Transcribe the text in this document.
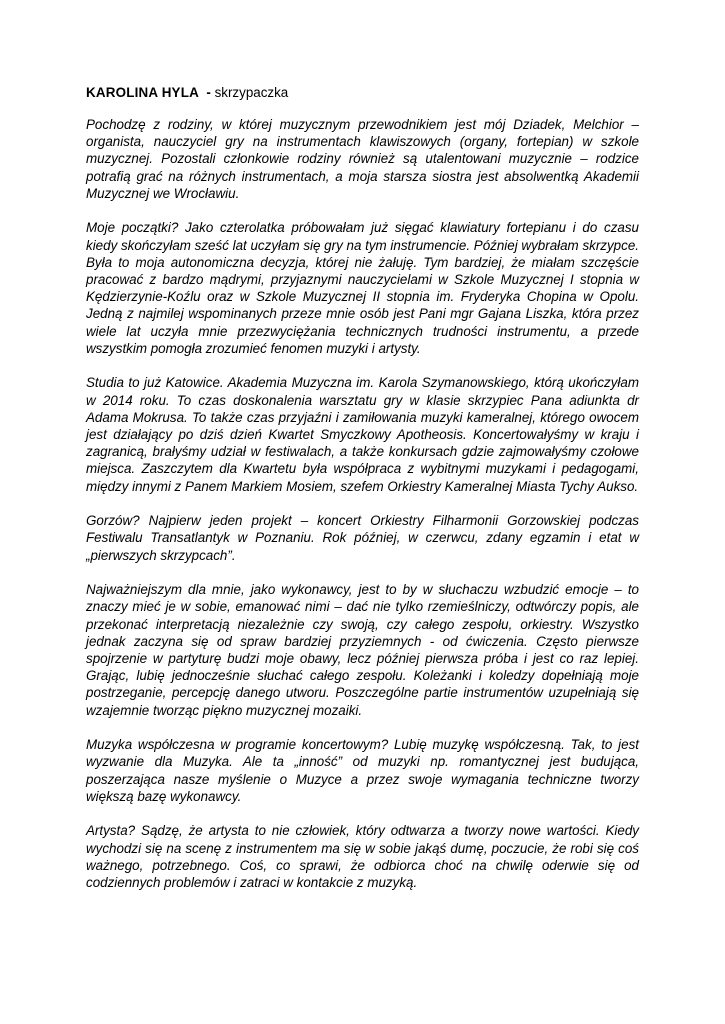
KAROLINA HYLA  - skrzypaczka

Pochodzę z rodziny, w której muzycznym przewodnikiem jest mój Dziadek, Melchior – organista, nauczyciel gry na instrumentach klawiszowych (organy, fortepian) w szkole muzycznej. Pozostali członkowie rodziny również są utalentowani muzycznie – rodzice potrafią grać na różnych instrumentach, a moja starsza siostra jest absolwentką Akademii Muzycznej we Wrocławiu.

Moje początki? Jako czterolatka próbowałam już sięgać klawiatury fortepianu i do czasu kiedy skończyłam sześć lat uczyłam się gry na tym instrumencie. Później wybrałam skrzypce. Była to moja autonomiczna decyzja, której nie żałuję. Tym bardziej, że miałam szczęście pracować z bardzo mądrymi, przyjaznymi nauczycielami w Szkole Muzycznej I stopnia w Kędzierzynie-Koźlu oraz w Szkole Muzycznej II stopnia im. Fryderyka Chopina w Opolu. Jedną z najmilej wspominanych przeze mnie osób jest Pani mgr Gajana Liszka, która przez wiele lat uczyła mnie przezwyciężania technicznych trudności instrumentu, a przede wszystkim pomogła zrozumieć fenomen muzyki i artysty.

Studia to już Katowice. Akademia Muzyczna im. Karola Szymanowskiego, którą ukończyłam w 2014 roku. To czas doskonalenia warsztatu gry w klasie skrzypiec Pana adiunkta dr Adama Mokrusa. To także czas przyjaźni i zamiłowania muzyki kameralnej, którego owocem jest działający po dziś dzień Kwartet Smyczkowy Apotheosis. Koncertowałyśmy w kraju i zagranicą, brałyśmy udział w festiwalach, a także konkursach gdzie zajmowałyśmy czołowe miejsca. Zaszczytem dla Kwartetu była współpraca z wybitnymi muzykami i pedagogami, między innymi z Panem Markiem Mosiem, szefem Orkiestry Kameralnej Miasta Tychy Aukso.

Gorzów? Najpierw jeden projekt – koncert Orkiestry Filharmonii Gorzowskiej podczas Festiwalu Transatlantyk w Poznaniu. Rok później, w czerwcu, zdany egzamin i etat w „pierwszych skrzypcach”.

Najważniejszym dla mnie, jako wykonawcy, jest to by w słuchaczu wzbudzić emocje – to znaczy mieć je w sobie, emanować nimi – dać nie tylko rzemieślniczy, odtwórczy popis, ale przekonać interpretacją niezależnie czy swoją, czy całego zespołu, orkiestry. Wszystko jednak zaczyna się od spraw bardziej przyziemnych - od ćwiczenia. Często pierwsze spojrzenie w partyturę budzi moje obawy, lecz później pierwsza próba i jest co raz lepiej. Grając, lubię jednocześnie słuchać całego zespołu. Koleżanki i koledzy dopełniają moje postrzeganie, percepcję danego utworu. Poszczególne partie instrumentów uzupełniają się wzajemnie tworząc piękno muzycznej mozaiki.

Muzyka współczesna w programie koncertowym? Lubię muzykę współczesną. Tak, to jest wyzwanie dla Muzyka. Ale ta „inność” od muzyki np. romantycznej jest budująca, poszerzająca nasze myślenie o Muzyce a przez swoje wymagania techniczne tworzy większą bazę wykonawcy.

Artysta? Sądzę, że artysta to nie człowiek, który odtwarza a tworzy nowe wartości. Kiedy wychodzi się na scenę z instrumentem ma się w sobie jakąś dumę, poczucie, że robi się coś ważnego, potrzebnego. Coś, co sprawi, że odbiorca choć na chwilę oderwie się od codziennych problemów i zatraci w kontakcie z muzyką.
